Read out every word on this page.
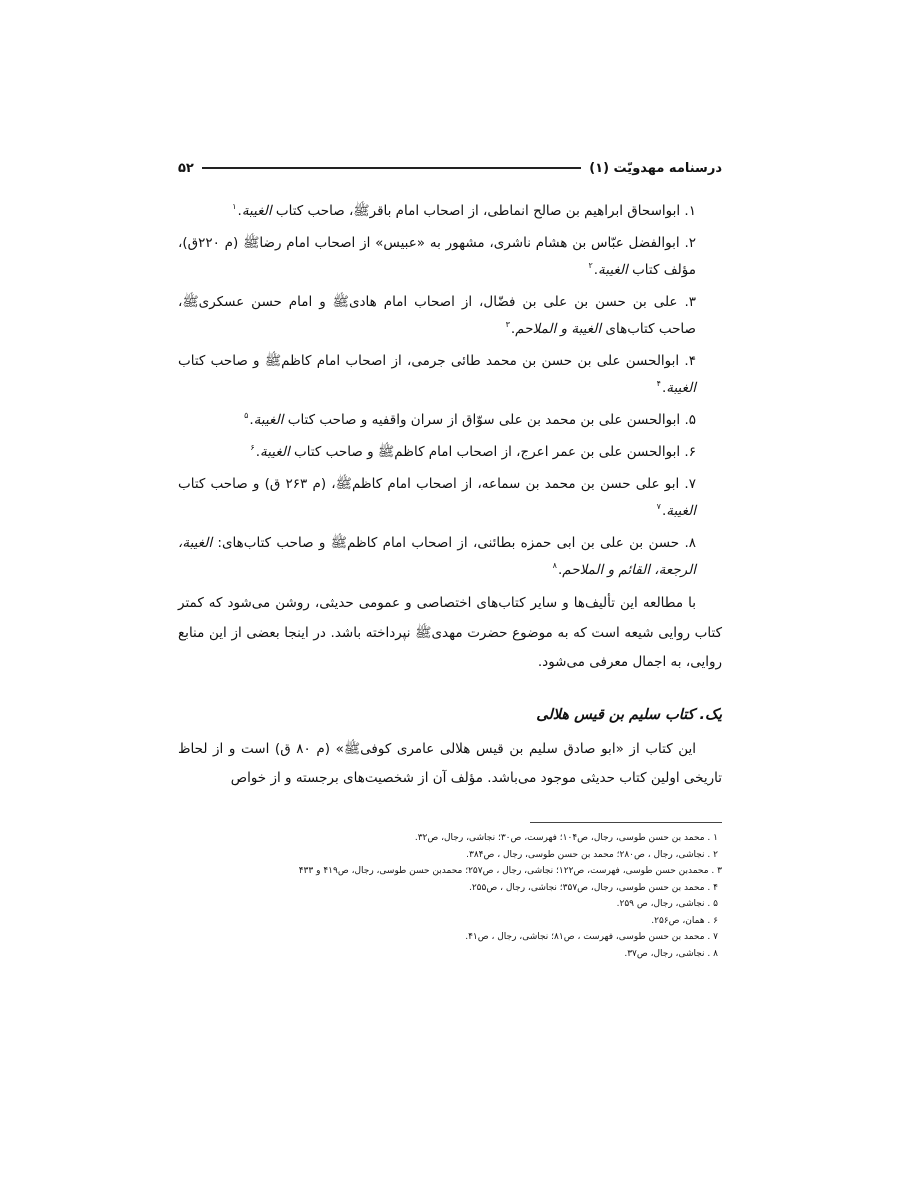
۵۲	درسنامه مهدویّت (۱)

۱. ابواسحاق ابراهیم بن صالح انماطی، از اصحاب امام باقرﷺ، صاحب کتاب الغیبة.$^۱$

۲. ابوالفضل عبّاس بن هشام ناشری، مشهور به «عبیس» از اصحاب امام رضاﷺ (م ۲۲۰ق)، مؤلف کتاب الغیبة.$^۲$

۳. علی بن حسن بن علی بن فضّال، از اصحاب امام هادیﷺ و امام حسن عسکریﷺ، صاحب کتاب‌های الغیبة و الملاحم.$^۳$

۴. ابوالحسن علی بن حسن بن محمد طائی جرمی، از اصحاب امام کاظمﷺ و صاحب کتاب الغیبة.$^۴$

۵. ابوالحسن علی بن محمد بن علی سوّاق از سران واقفیه و صاحب کتاب الغیبة.$^۵$

۶. ابوالحسن علی بن عمر اعرج، از اصحاب امام کاظمﷺ و صاحب کتاب الغیبة.$^۶$

۷. ابو علی حسن بن محمد بن سماعه، از اصحاب امام کاظمﷺ، (م ۲۶۳ ق) و صاحب کتاب الغیبة.$^۷$

۸. حسن بن علی بن ابی حمزه بطائنی، از اصحاب امام کاظمﷺ و صاحب کتاب‌های: الغیبة، الرجعة، القائم و الملاحم.$^۸$

با مطالعه این تألیف‌ها و سایر کتاب‌های اختصاصی و عمومی حدیثی، روشن می‌شود که کمتر کتاب روایی شیعه است که به موضوع حضرت مهدیﷺ نپرداخته باشد. در اینجا بعضی از این منابع روایی، به اجمال معرفی می‌شود.

یک. کتاب سلیم بن قیس هلالی

این کتاب از «ابو صادق سلیم بن قیس هلالی عامری کوفیﷺ» (م ۸۰ ق) است و از لحاظ تاریخی اولین کتاب حدیثی موجود می‌باشد. مؤلف آن از شخصیت‌های برجسته و از خواص

۱ . محمد بن حسن طوسی، رجال، ص۱۰۴؛ فهرست، ص۳۰؛ نجاشی، رجال، ص۳۲.
۲ . نجاشی، رجال ، ص۲۸۰؛ محمد بن حسن طوسی، رجال ، ص۳۸۴.
۳ . محمدبن حسن طوسی، فهرست، ص۱۲۲؛ نجاشی، رجال ، ص۲۵۷؛ محمدبن حسن طوسی، رجال، ص۴۱۹ و ۴۳۳
۴ . محمد بن حسن طوسی، رجال، ص۳۵۷؛ نجاشی، رجال ، ص۲۵۵.
۵ . نجاشی، رجال، ص ۲۵۹.
۶ . همان، ص۲۵۶.
۷ . محمد بن حسن طوسی، فهرست ، ص۸۱؛ نجاشی، رجال ، ص۴۱.
۸ . نجاشی، رجال، ص۳۷.
